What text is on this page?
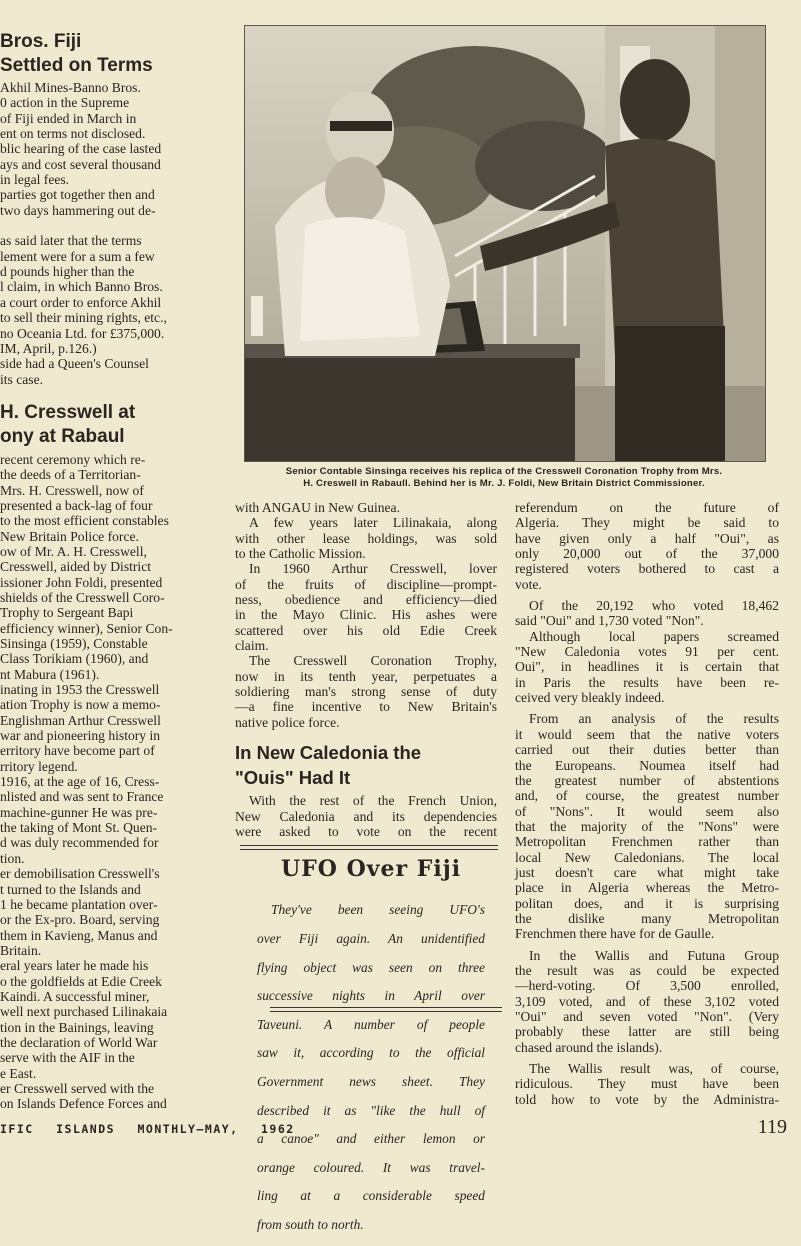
Bros. Fiji
Settled on Terms

Akhil Mines-Banno Bros.

0 action in the Supreme

of Fiji ended in March in

ent on terms not disclosed.

blic hearing of the case lasted

ays and cost several thousand

in legal fees.

parties got together then and

two days hammering out de-

as said later that the terms

lement were for a sum a few

d pounds higher than the

l claim, in which Banno Bros.

a court order to enforce Akhil

to sell their mining rights, etc.,

no Oceania Ltd. for £375,000.

IM, April, p.126.)

side had a Queen's Counsel

its case.

H. Cresswell at
ony at Rabaul

recent ceremony which re-

the deeds of a Territorian-

Mrs. H. Cresswell, now of

presented a back-lag of four

to the most efficient constables

New Britain Police force.

ow of Mr. A. H. Cresswell,

Cresswell, aided by District

issioner John Foldi, presented

shields of the Cresswell Coro-

Trophy to Sergeant Bapi

efficiency winner), Senior Con-

Sinsinga (1959), Constable

Class Torikiam (1960), and

nt Mabura (1961).

inating in 1953 the Cresswell

ation Trophy is now a memo-

Englishman Arthur Cresswell

war and pioneering history in

erritory have become part of

rritory legend.

1916, at the age of 16, Cress-

nlisted and was sent to France

machine-gunner He was pre-

the taking of Mont St. Quen-

d was duly recommended for

tion.

er demobilisation Cresswell's

t turned to the Islands and

1 he became plantation over-

or the Ex-pro. Board, serving

them in Kavieng, Manus and

Britain.

eral years later he made his

o the goldfields at Edie Creek

Kaindi. A successful miner,

well next purchased Lilinakaia

tion in the Bainings, leaving

the declaration of World War

serve with the AIF in the

e East.

er Cresswell served with the

on Islands Defence Forces and

Senior Contable Sinsinga receives his replica of the Cresswell Coronation Trophy from Mrs.
H. Creswell in Rabaull. Behind her is Mr. J. Foldi, New Britain District Commissioner.

with ANGAU in New Guinea.

A few years later Lilinakaia, along

with other lease holdings, was sold

to the Catholic Mission.

In 1960 Arthur Cresswell, lover

of the fruits of discipline—prompt-

ness, obedience and efficiency—died

in the Mayo Clinic. His ashes were

scattered over his old Edie Creek

claim.

The Cresswell Coronation Trophy,

now in its tenth year, perpetuates a

soldiering man's strong sense of duty

—a fine incentive to New Britain's

native police force.

In New Caledonia the
"Ouis" Had It

With the rest of the French Union,

New Caledonia and its dependencies

were asked to vote on the recent

UFO Over Fiji

They've been seeing UFO's

over Fiji again. An unidentified

flying object was seen on three

successive nights in April over

Taveuni. A number of people

saw it, according to the official

Government news sheet. They

described it as "like the hull of

a canoe" and either lemon or

orange coloured. It was travel-

ling at a considerable speed

from south to north.

referendum on the future of

Algeria. They might be said to

have given only a half "Oui", as

only 20,000 out of the 37,000

registered voters bothered to cast a

vote.

Of the 20,192 who voted 18,462

said "Oui" and 1,730 voted "Non".

Although local papers screamed

"New Caledonia votes 91 per cent.

Oui", in headlines it is certain that

in Paris the results have been re-

ceived very bleakly indeed.

From an analysis of the results

it would seem that the native voters

carried out their duties better than

the Europeans. Noumea itself had

the greatest number of abstentions

and, of course, the greatest number

of "Nons". It would seem also

that the majority of the "Nons" were

Metropolitan Frenchmen rather than

local New Caledonians. The local

just doesn't care what might take

place in Algeria whereas the Metro-

politan does, and it is surprising

the dislike many Metropolitan

Frenchmen there have for de Gaulle.

In the Wallis and Futuna Group

the result was as could be expected

—herd-voting. Of 3,500 enrolled,

3,109 voted, and of these 3,102 voted

"Oui" and seven voted "Non". (Very

probably these latter are still being

chased around the islands).

The Wallis result was, of course,

ridiculous. They must have been

told how to vote by the Administra-

IFIC ISLANDS MONTHLY—MAY, 1962	119
